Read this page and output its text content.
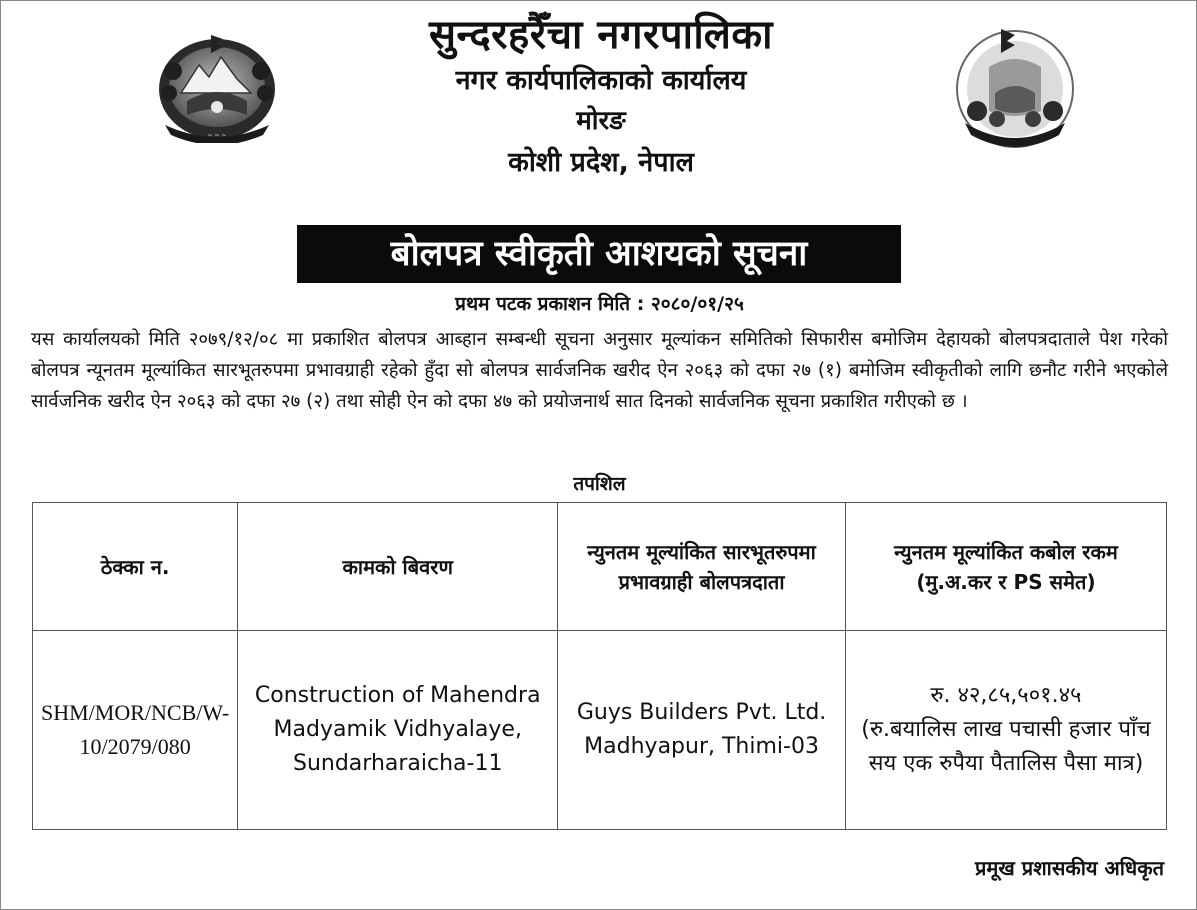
~ ~ ~	~ ~ ~
सुन्दरहरैँचा नगरपालिका
नगर कार्यपालिकाको कार्यालय
मोरङ
कोशी प्रदेश, नेपाल
बोलपत्र स्वीकृती आशयको सूचना
प्रथम पटक प्रकाशन मिति : २०८०/०१/२५
यस कार्यालयको मिति २०७९/१२/०८ मा प्रकाशित बोलपत्र आब्हान सम्बन्धी सूचना अनुसार मूल्यांकन समितिको सिफारीस बमोजिम देहायको बोलपत्रदाताले पेश गरेको बोलपत्र न्यूनतम मूल्यांकित सारभूतरुपमा प्रभावग्राही रहेको हुँदा सो बोलपत्र सार्वजनिक खरीद ऐन २०६३ को दफा २७ (१) बमोजिम स्वीकृतीको लागि छनौट गरीने भएकोले सार्वजनिक खरीद ऐन २०६३ को दफा २७ (२) तथा सोही ऐन को दफा ४७ को प्रयोजनार्थ सात दिनको सार्वजनिक सूचना प्रकाशित गरीएको छ ।
तपशिल
ठेक्का न.	कामको बिवरण	न्युनतम मूल्यांकित सारभूतरुपमा प्रभावग्राही बोलपत्रदाता	न्युनतम मूल्यांकित कबोल रकम (मु.अ.कर र PS समेत)
SHM/MOR/NCB/W-10/2079/080	Construction of Mahendra Madyamik Vidhyalaye, Sundarharaicha-11	Guys Builders Pvt. Ltd. Madhyapur, Thimi-03	रु. ४२,८५,५०१.४५
(रु.बयालिस लाख पचासी हजार पाँच सय एक रुपैया पैतालिस पैसा मात्र)
प्रमूख प्रशासकीय अधिकृत
